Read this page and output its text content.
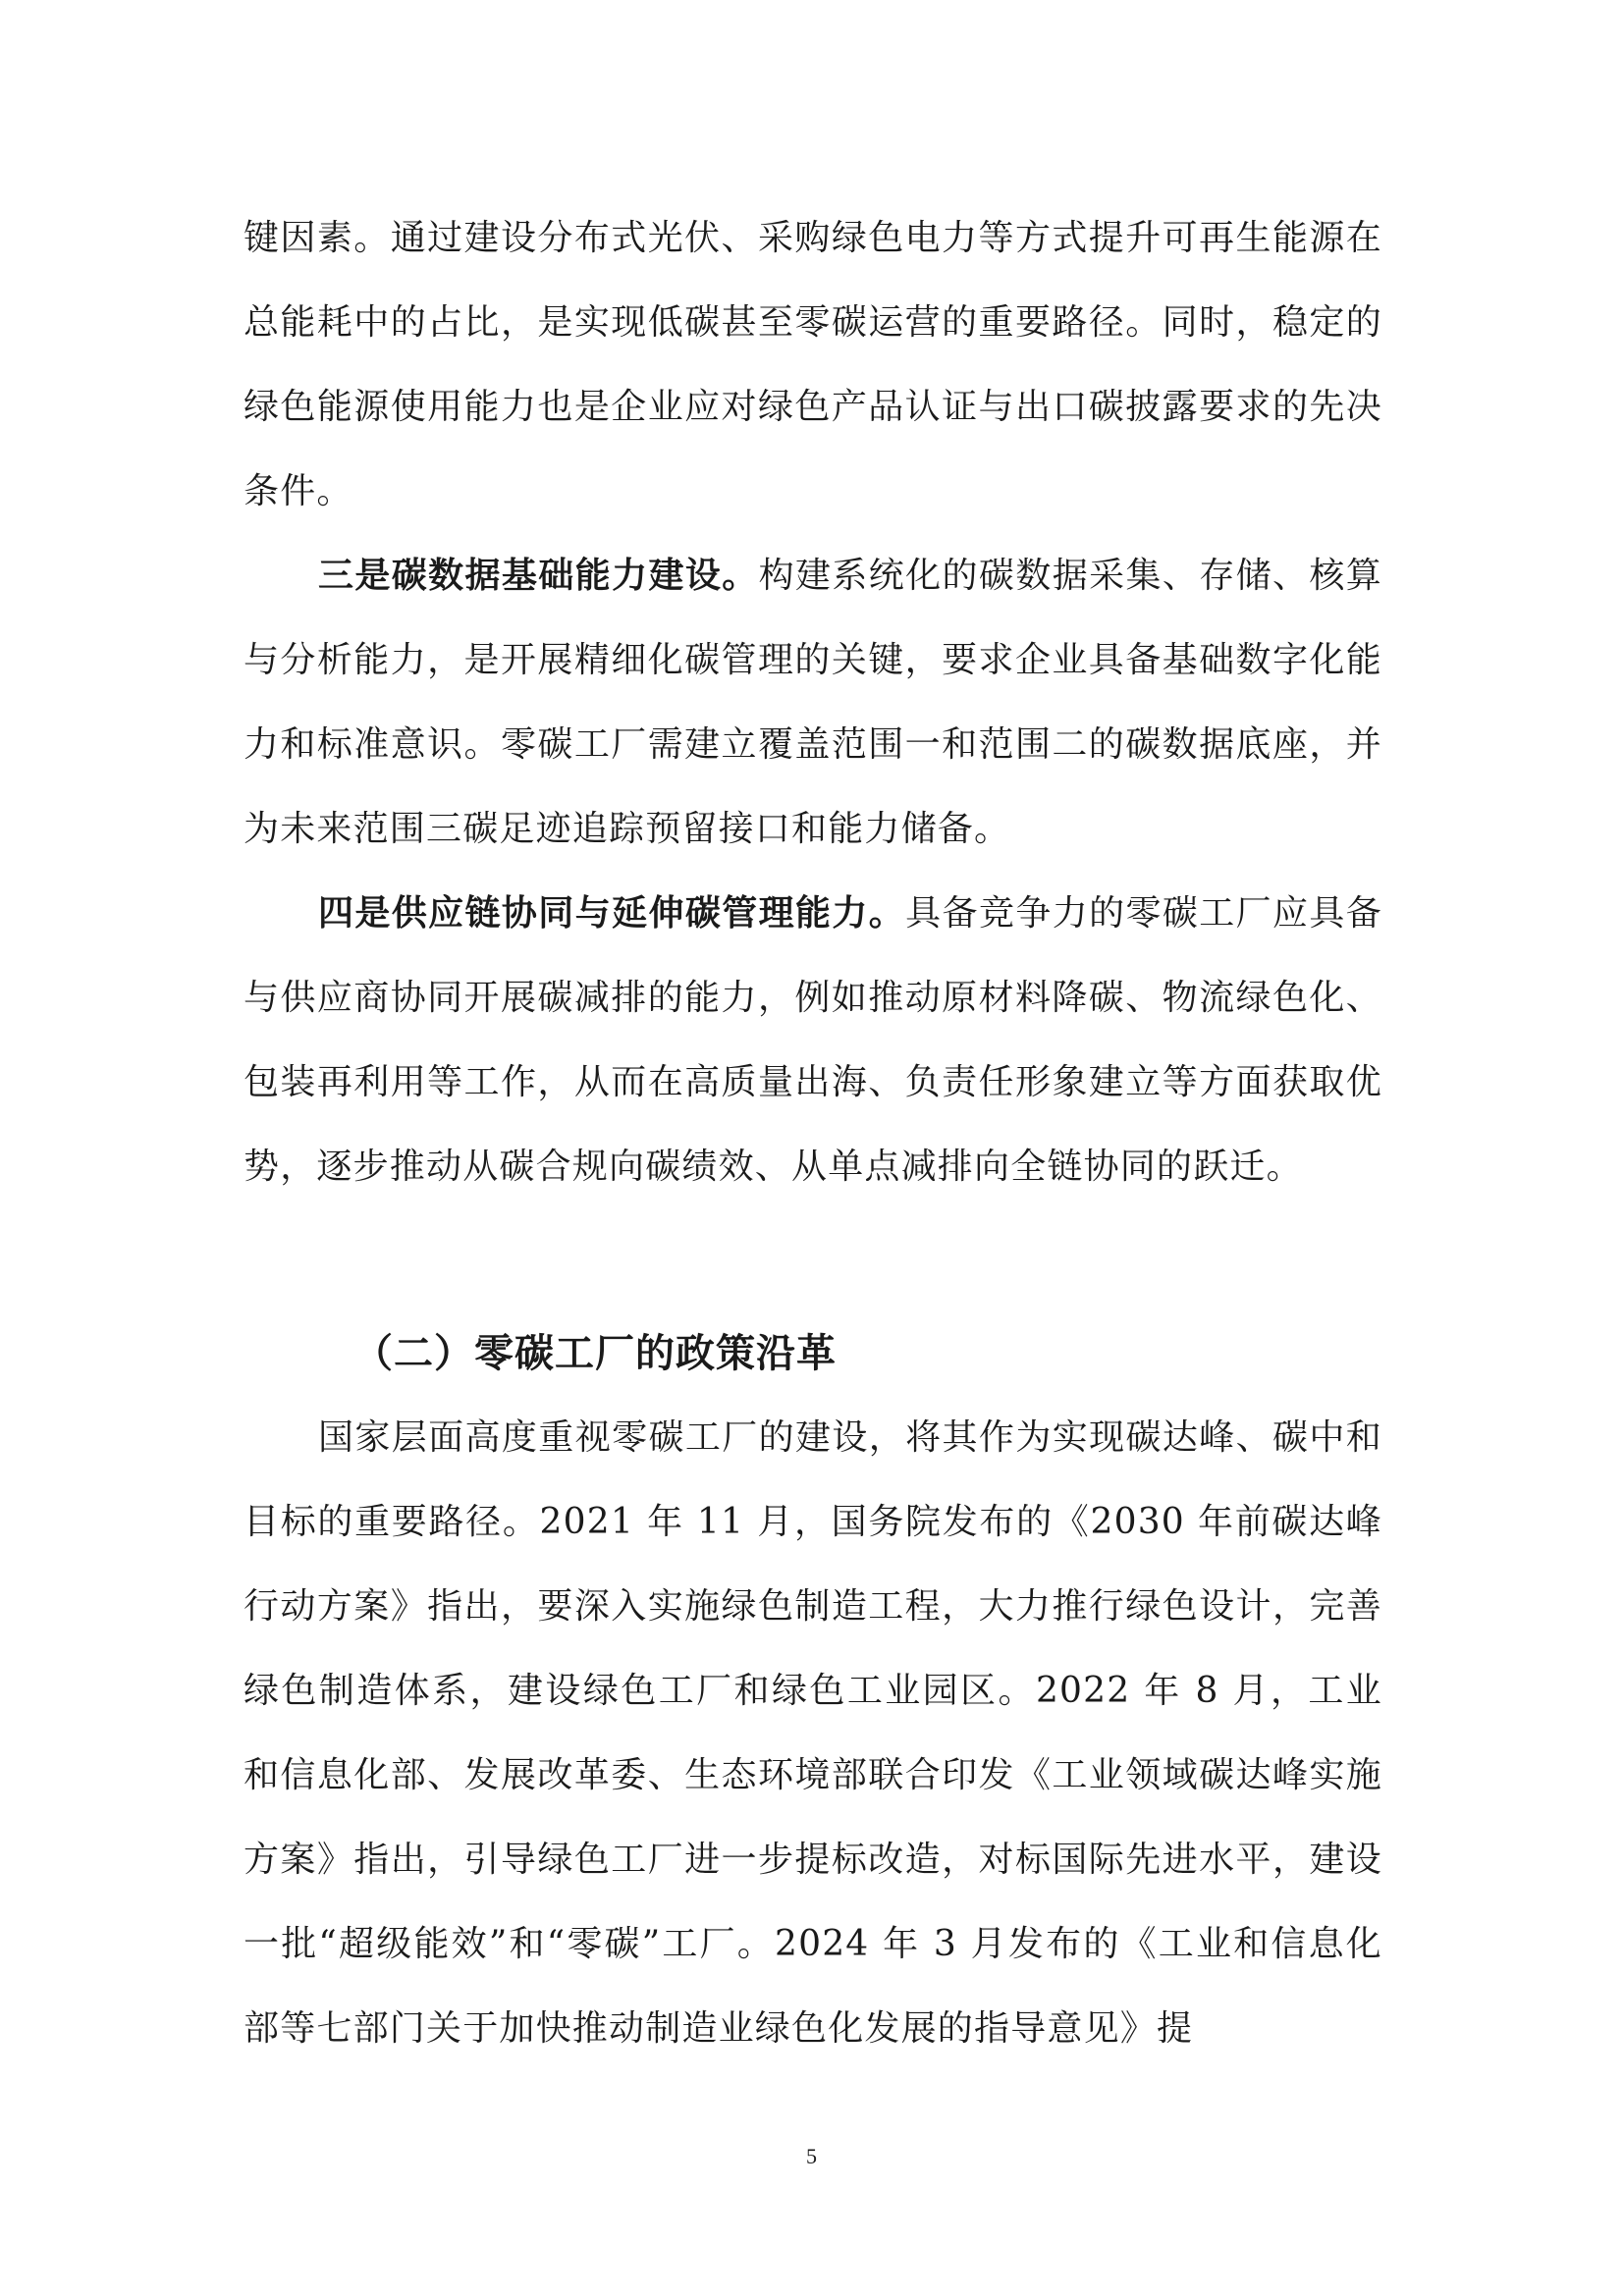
键因素。通过建设分布式光伏、采购绿色电力等方式提升可再生能源在总能耗中的占比，是实现低碳甚至零碳运营的重要路径。同时，稳定的绿色能源使用能力也是企业应对绿色产品认证与出口碳披露要求的先决条件。

三是碳数据基础能力建设。构建系统化的碳数据采集、存储、核算与分析能力，是开展精细化碳管理的关键，要求企业具备基础数字化能力和标准意识。零碳工厂需建立覆盖范围一和范围二的碳数据底座，并为未来范围三碳足迹追踪预留接口和能力储备。

四是供应链协同与延伸碳管理能力。具备竞争力的零碳工厂应具备与供应商协同开展碳减排的能力，例如推动原材料降碳、物流绿色化、包装再利用等工作，从而在高质量出海、负责任形象建立等方面获取优势，逐步推动从碳合规向碳绩效、从单点减排向全链协同的跃迁。

（二）零碳工厂的政策沿革

国家层面高度重视零碳工厂的建设，将其作为实现碳达峰、碳中和目标的重要路径。2021 年 11 月，国务院发布的《2030 年前碳达峰行动方案》指出，要深入实施绿色制造工程，大力推行绿色设计，完善绿色制造体系，建设绿色工厂和绿色工业园区。2022 年 8 月，工业和信息化部、发展改革委、生态环境部联合印发《工业领域碳达峰实施方案》指出，引导绿色工厂进一步提标改造，对标国际先进水平，建设一批“超级能效”和“零碳”工厂。2024 年 3 月发布的《工业和信息化部等七部门关于加快推动制造业绿色化发展的指导意见》提

5
